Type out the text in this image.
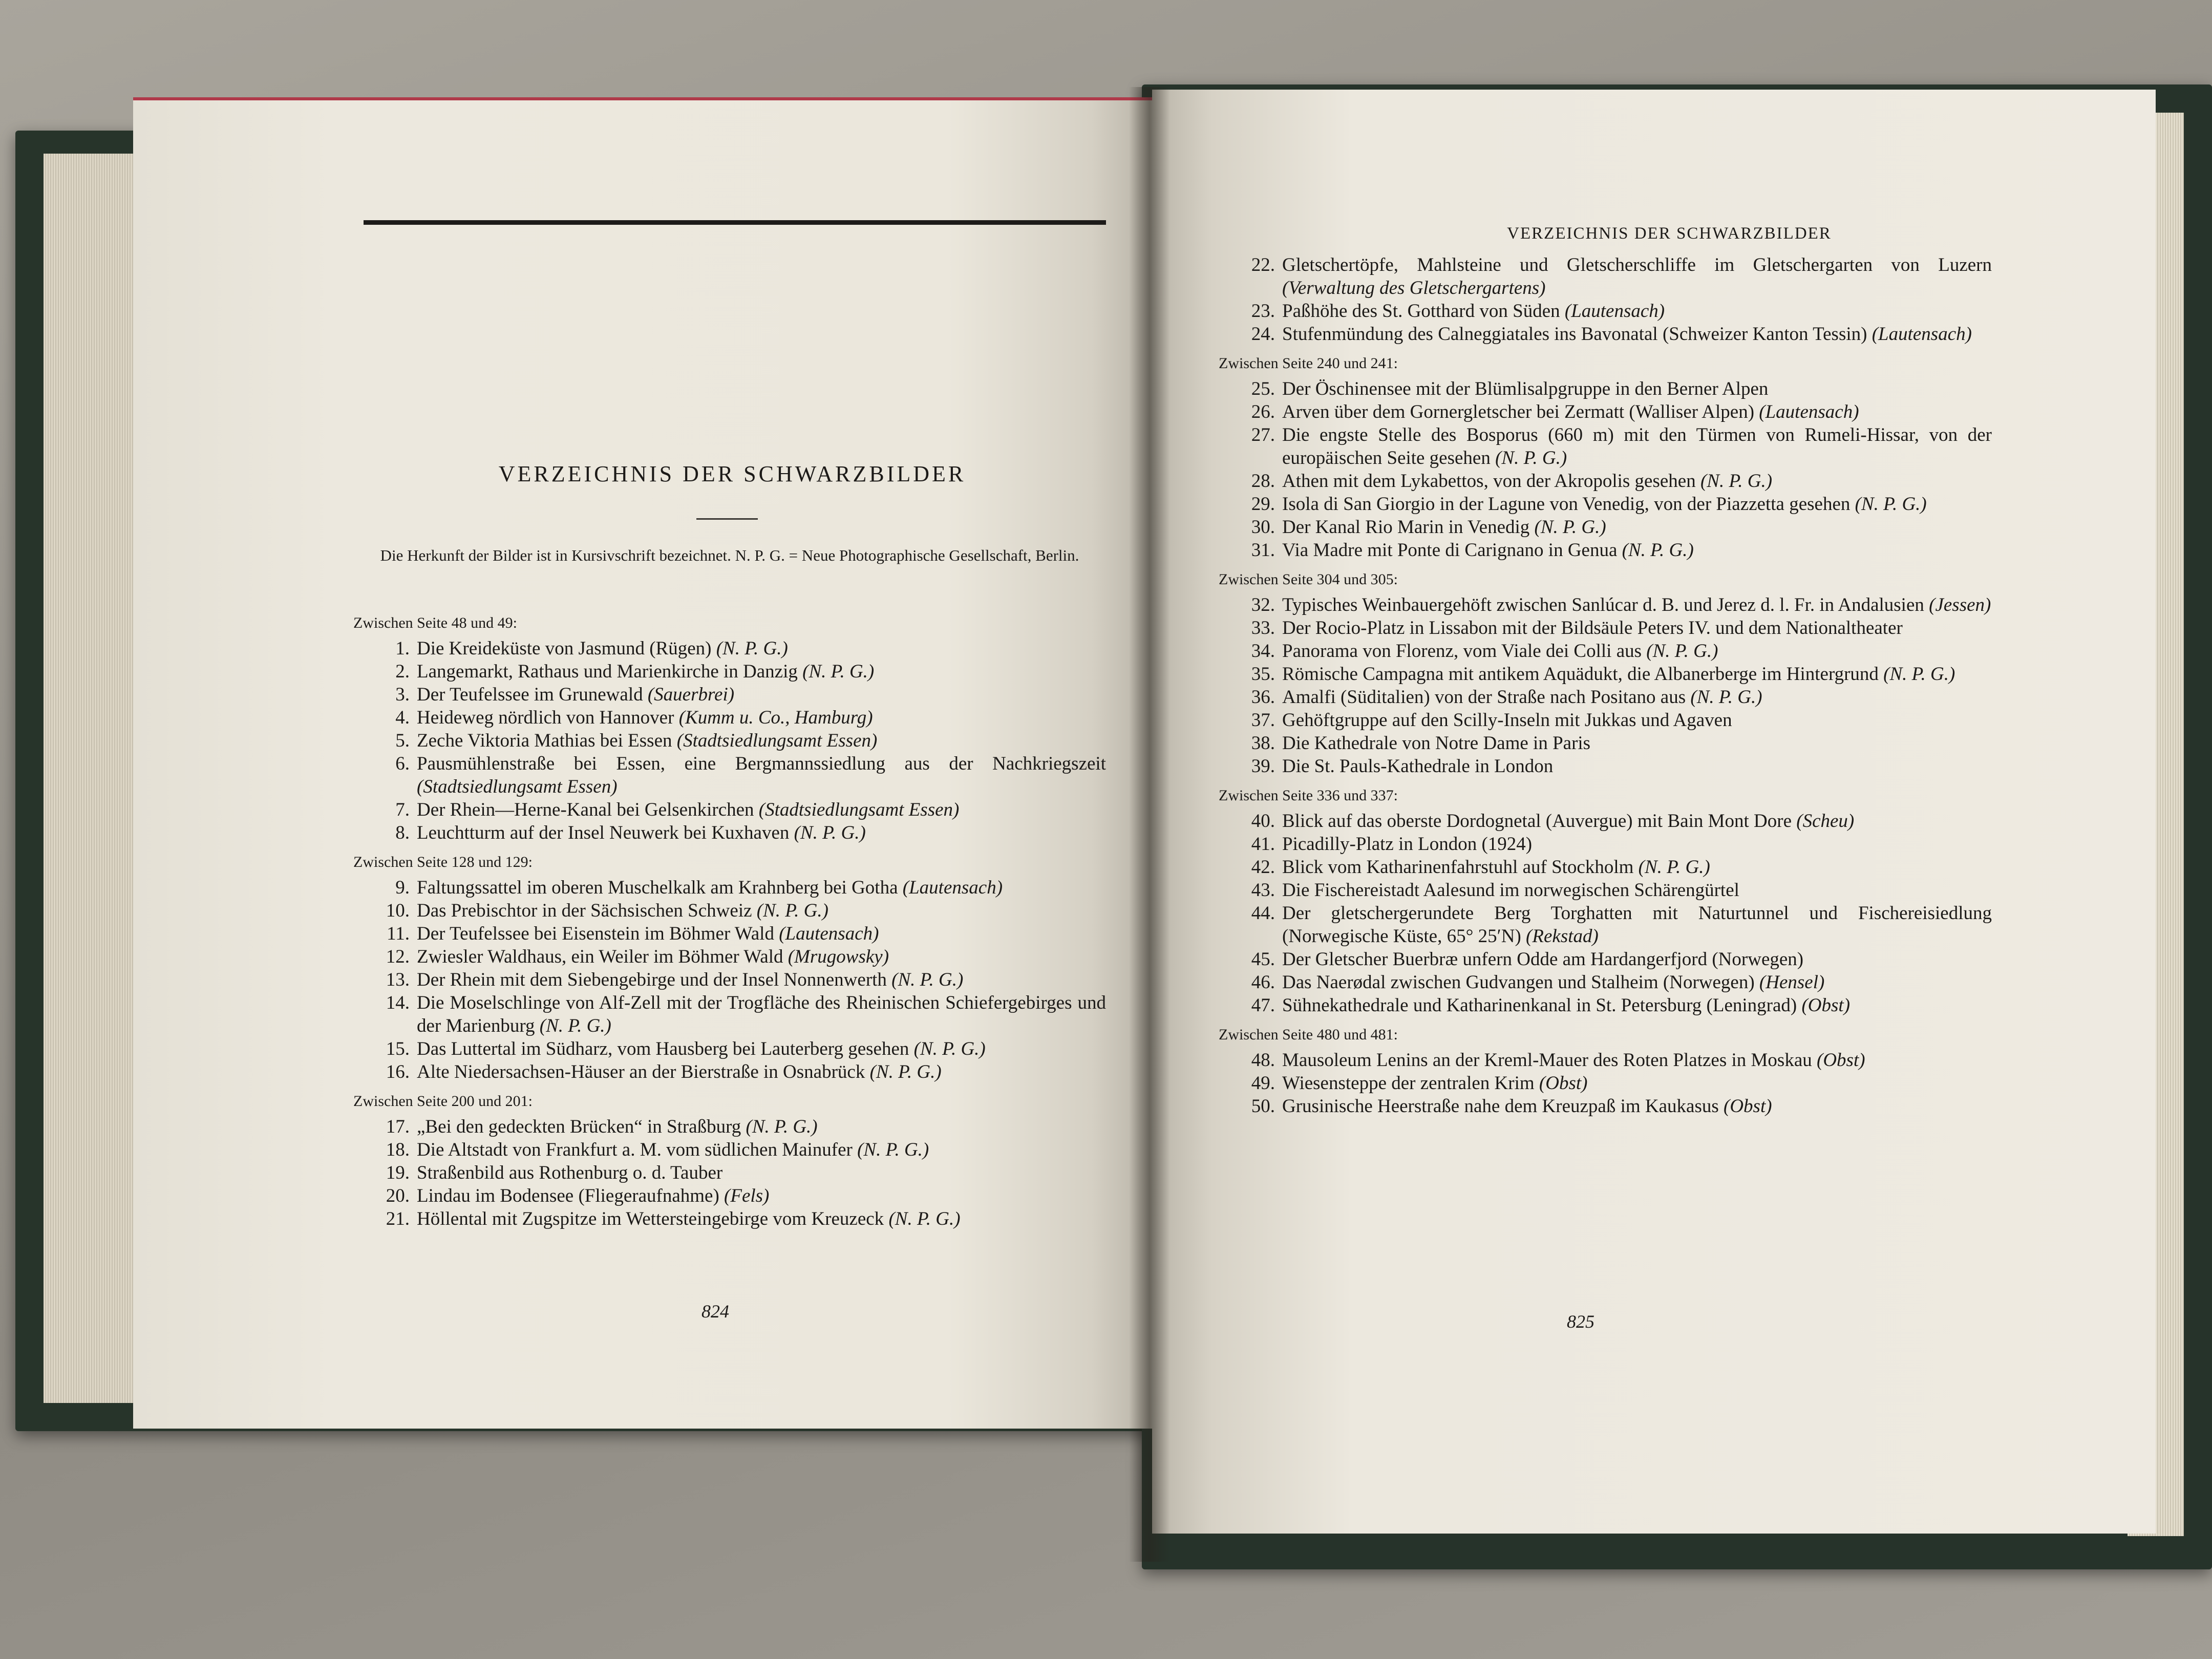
VERZEICHNIS DER SCHWARZBILDER
Die Herkunft der Bilder ist in Kursivschrift bezeichnet. N. P. G. = Neue Photographische Gesellschaft, Berlin.
VERZEICHNIS DER SCHWARZBILDER
Zwischen Seite 48 und 49:
1. Die Kreideküste von Jasmund (Rügen) (N. P. G.)
2. Langemarkt, Rathaus und Marienkirche in Danzig (N. P. G.)
3. Der Teufelssee im Grunewald (Sauerbrei)
4. Heideweg nördlich von Hannover (Kumm u. Co., Hamburg)
5. Zeche Viktoria Mathias bei Essen (Stadtsiedlungsamt Essen)
6. Pausmühlenstraße bei Essen, eine Bergmannssiedlung aus der Nachkriegszeit (Stadtsiedlungsamt Essen)
7. Der Rhein—Herne-Kanal bei Gelsenkirchen (Stadtsiedlungsamt Essen)
8. Leuchtturm auf der Insel Neuwerk bei Kuxhaven (N. P. G.)
Zwischen Seite 128 und 129:
9. Faltungssattel im oberen Muschelkalk am Krahnberg bei Gotha (Lautensach)
10. Das Prebischtor in der Sächsischen Schweiz (N. P. G.)
11. Der Teufelssee bei Eisenstein im Böhmer Wald (Lautensach)
12. Zwiesler Waldhaus, ein Weiler im Böhmer Wald (Mrugowsky)
13. Der Rhein mit dem Siebengebirge und der Insel Nonnenwerth (N. P. G.)
14. Die Moselschlinge von Alf-Zell mit der Trogfläche des Rheinischen Schiefergebirges und der Marienburg (N. P. G.)
15. Das Luttertal im Südharz, vom Hausberg bei Lauterberg gesehen (N. P. G.)
16. Alte Niedersachsen-Häuser an der Bierstraße in Osnabrück (N. P. G.)
Zwischen Seite 200 und 201:
17. „Bei den gedeckten Brücken“ in Straßburg (N. P. G.)
18. Die Altstadt von Frankfurt a. M. vom südlichen Mainufer (N. P. G.)
19. Straßenbild aus Rothenburg o. d. Tauber
20. Lindau im Bodensee (Fliegeraufnahme) (Fels)
21. Höllental mit Zugspitze im Wettersteingebirge vom Kreuzeck (N. P. G.)
22. Gletschertöpfe, Mahlsteine und Gletscherschliffe im Gletschergarten von Luzern (Verwaltung des Gletschergartens)
23. Paßhöhe des St. Gotthard von Süden (Lautensach)
24. Stufenmündung des Calneggiatales ins Bavonatal (Schweizer Kanton Tessin) (Lautensach)
Zwischen Seite 240 und 241:
25. Der Öschinensee mit der Blümlisalpgruppe in den Berner Alpen
26. Arven über dem Gornergletscher bei Zermatt (Walliser Alpen) (Lautensach)
27. Die engste Stelle des Bosporus (660 m) mit den Türmen von Rumeli-Hissar, von der europäischen Seite gesehen (N. P. G.)
28. Athen mit dem Lykabettos, von der Akropolis gesehen (N. P. G.)
29. Isola di San Giorgio in der Lagune von Venedig, von der Piazzetta gesehen (N. P. G.)
30. Der Kanal Rio Marin in Venedig (N. P. G.)
31. Via Madre mit Ponte di Carignano in Genua (N. P. G.)
Zwischen Seite 304 und 305:
32. Typisches Weinbauergehöft zwischen Sanlúcar d. B. und Jerez d. l. Fr. in Andalusien (Jessen)
33. Der Rocio-Platz in Lissabon mit der Bildsäule Peters IV. und dem Nationaltheater
34. Panorama von Florenz, vom Viale dei Colli aus (N. P. G.)
35. Römische Campagna mit antikem Aquädukt, die Albanerberge im Hintergrund (N. P. G.)
36. Amalfi (Süditalien) von der Straße nach Positano aus (N. P. G.)
37. Gehöftgruppe auf den Scilly-Inseln mit Jukkas und Agaven
38. Die Kathedrale von Notre Dame in Paris
39. Die St. Pauls-Kathedrale in London
Zwischen Seite 336 und 337:
40. Blick auf das oberste Dordognetal (Auvergue) mit Bain Mont Dore (Scheu)
41. Picadilly-Platz in London (1924)
42. Blick vom Katharinenfahrstuhl auf Stockholm (N. P. G.)
43. Die Fischereistadt Aalesund im norwegischen Schärengürtel
44. Der gletschergerundete Berg Torghatten mit Naturtunnel und Fischereisiedlung (Norwegische Küste, 65° 25′N) (Rekstad)
45. Der Gletscher Buerbræ unfern Odde am Hardangerfjord (Norwegen)
46. Das Naerødal zwischen Gudvangen und Stalheim (Norwegen) (Hensel)
47. Sühnekathedrale und Katharinenkanal in St. Petersburg (Leningrad) (Obst)
Zwischen Seite 480 und 481:
48. Mausoleum Lenins an der Kreml-Mauer des Roten Platzes in Moskau (Obst)
49. Wiesensteppe der zentralen Krim (Obst)
50. Grusinische Heerstraße nahe dem Kreuzpaß im Kaukasus (Obst)
824	825
